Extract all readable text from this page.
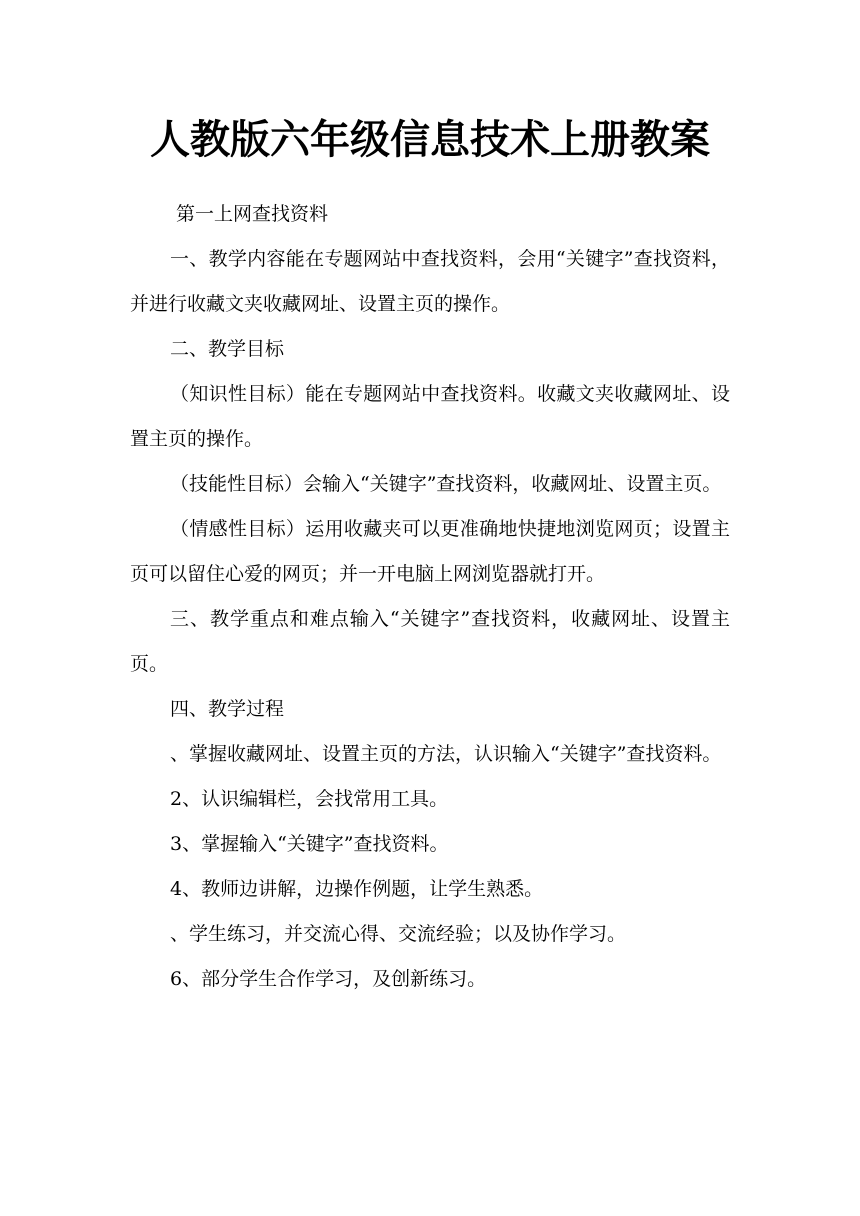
人教版六年级信息技术上册教案

第一上网查找资料

一、教学内容能在专题网站中查找资料，会用“关键字”查找资料，并进行收藏文夹收藏网址、设置主页的操作。

二、教学目标

（知识性目标）能在专题网站中查找资料。收藏文夹收藏网址、设置主页的操作。

（技能性目标）会输入“关键字”查找资料，收藏网址、设置主页。

（情感性目标）运用收藏夹可以更准确地快捷地浏览网页；设置主页可以留住心爱的网页；并一开电脑上网浏览器就打开。

三、教学重点和难点输入“关键字”查找资料，收藏网址、设置主页。

四、教学过程

、掌握收藏网址、设置主页的方法，认识输入“关键字”查找资料。

2、认识编辑栏，会找常用工具。

3、掌握输入“关键字”查找资料。

4、教师边讲解，边操作例题，让学生熟悉。

、学生练习，并交流心得、交流经验；以及协作学习。

6、部分学生合作学习，及创新练习。
